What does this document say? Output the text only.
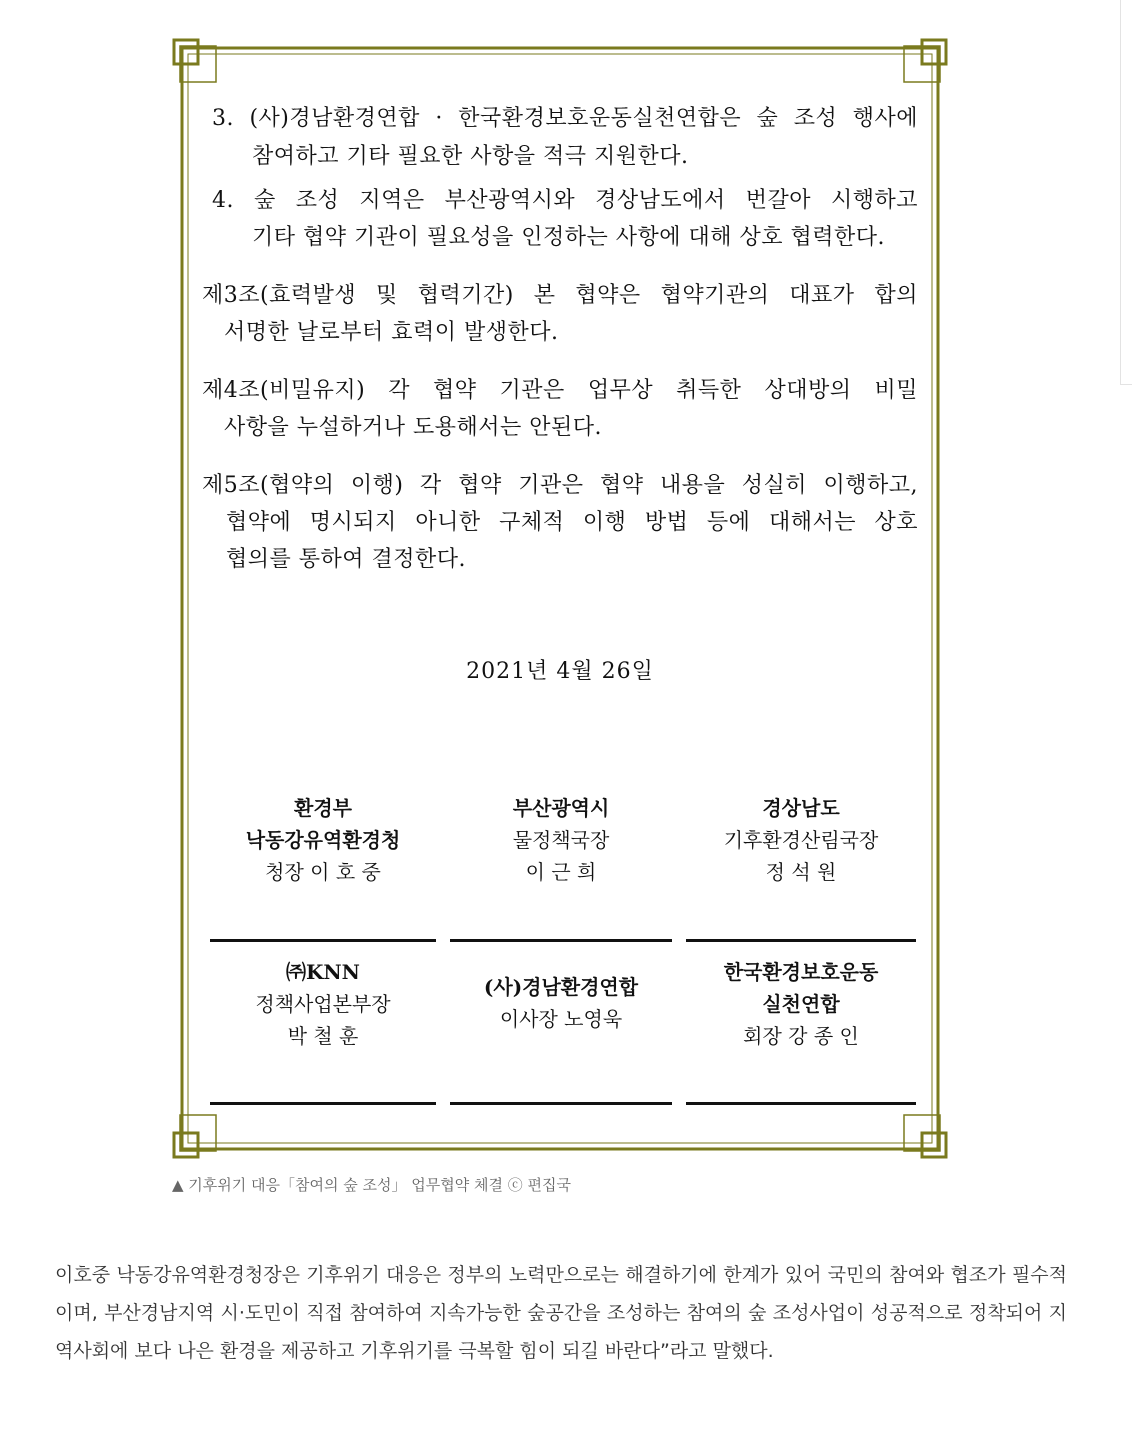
3. (사)경남환경연합 · 한국환경보호운동실천연합은 숲 조성 행사에
참여하고 기타 필요한 사항을 적극 지원한다.
4. 숲 조성 지역은 부산광역시와 경상남도에서 번갈아 시행하고
기타 협약 기관이 필요성을 인정하는 사항에 대해 상호 협력한다.
제3조(효력발생 및 협력기간) 본 협약은 협약기관의 대표가 합의
서명한 날로부터 효력이 발생한다.
제4조(비밀유지) 각 협약 기관은 업무상 취득한 상대방의 비밀
사항을 누설하거나 도용해서는 안된다.
제5조(협약의 이행) 각 협약 기관은 협약 내용을 성실히 이행하고,
협약에 명시되지 아니한 구체적 이행 방법 등에 대해서는 상호
협의를 통하여 결정한다.
2021년 4월 26일
환경부
낙동강유역환경청
청장 이 호 중
부산광역시
물정책국장
이 근 희
경상남도
기후환경산림국장
정 석 원
㈜KNN
정책사업본부장
박 철 훈
(사)경남환경연합
이사장 노영욱
한국환경보호운동
실천연합
회장 강 종 인
▲ 기후위기 대응「참여의 숲 조성」 업무협약 체결 ⓒ 편집국
이호중 낙동강유역환경청장은 기후위기 대응은 정부의 노력만으로는 해결하기에 한계가 있어 국민의 참여와 협조가 필수적이며, 부산경남지역 시·도민이 직접 참여하여 지속가능한 숲공간을 조성하는 참여의 숲 조성사업이 성공적으로 정착되어 지역사회에 보다 나은 환경을 제공하고 기후위기를 극복할 힘이 되길 바란다”라고 말했다.
